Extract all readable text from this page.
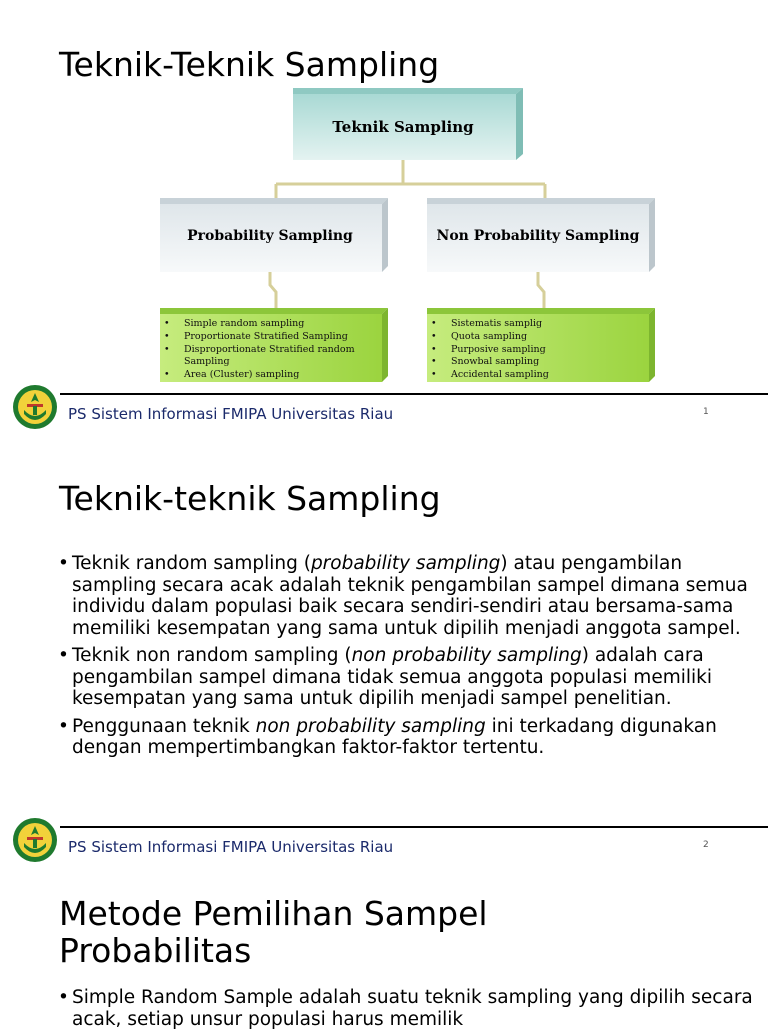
Teknik-Teknik Sampling
Teknik Sampling
Probability Sampling	Non Probability Sampling
• Simple random sampling
• Proportionate Stratified Sampling
• Disproportionate Stratified random
Sampling
• Area (Cluster) sampling
• Sistematis samplig
• Quota sampling
• Purposive sampling
• Snowbal sampling
• Accidental sampling
PS Sistem Informasi FMIPA Universitas Riau	1
Teknik-teknik Sampling
• Teknik random sampling (probability sampling) atau pengambilan sampling secara acak adalah teknik pengambilan sampel dimana semua individu dalam populasi baik secara sendiri-sendiri atau bersama-sama memiliki kesempatan yang sama untuk dipilih menjadi anggota sampel.
• Teknik non random sampling (non probability sampling) adalah cara pengambilan sampel dimana tidak semua anggota populasi memiliki kesempatan yang sama untuk dipilih menjadi sampel penelitian.
• Penggunaan teknik non probability sampling ini terkadang digunakan dengan mempertimbangkan faktor-faktor tertentu.
PS Sistem Informasi FMIPA Universitas Riau	2
Metode Pemilihan Sampel
Probabilitas
• Simple Random Sample adalah suatu teknik sampling yang dipilih secara acak, setiap unsur populasi harus memilik
